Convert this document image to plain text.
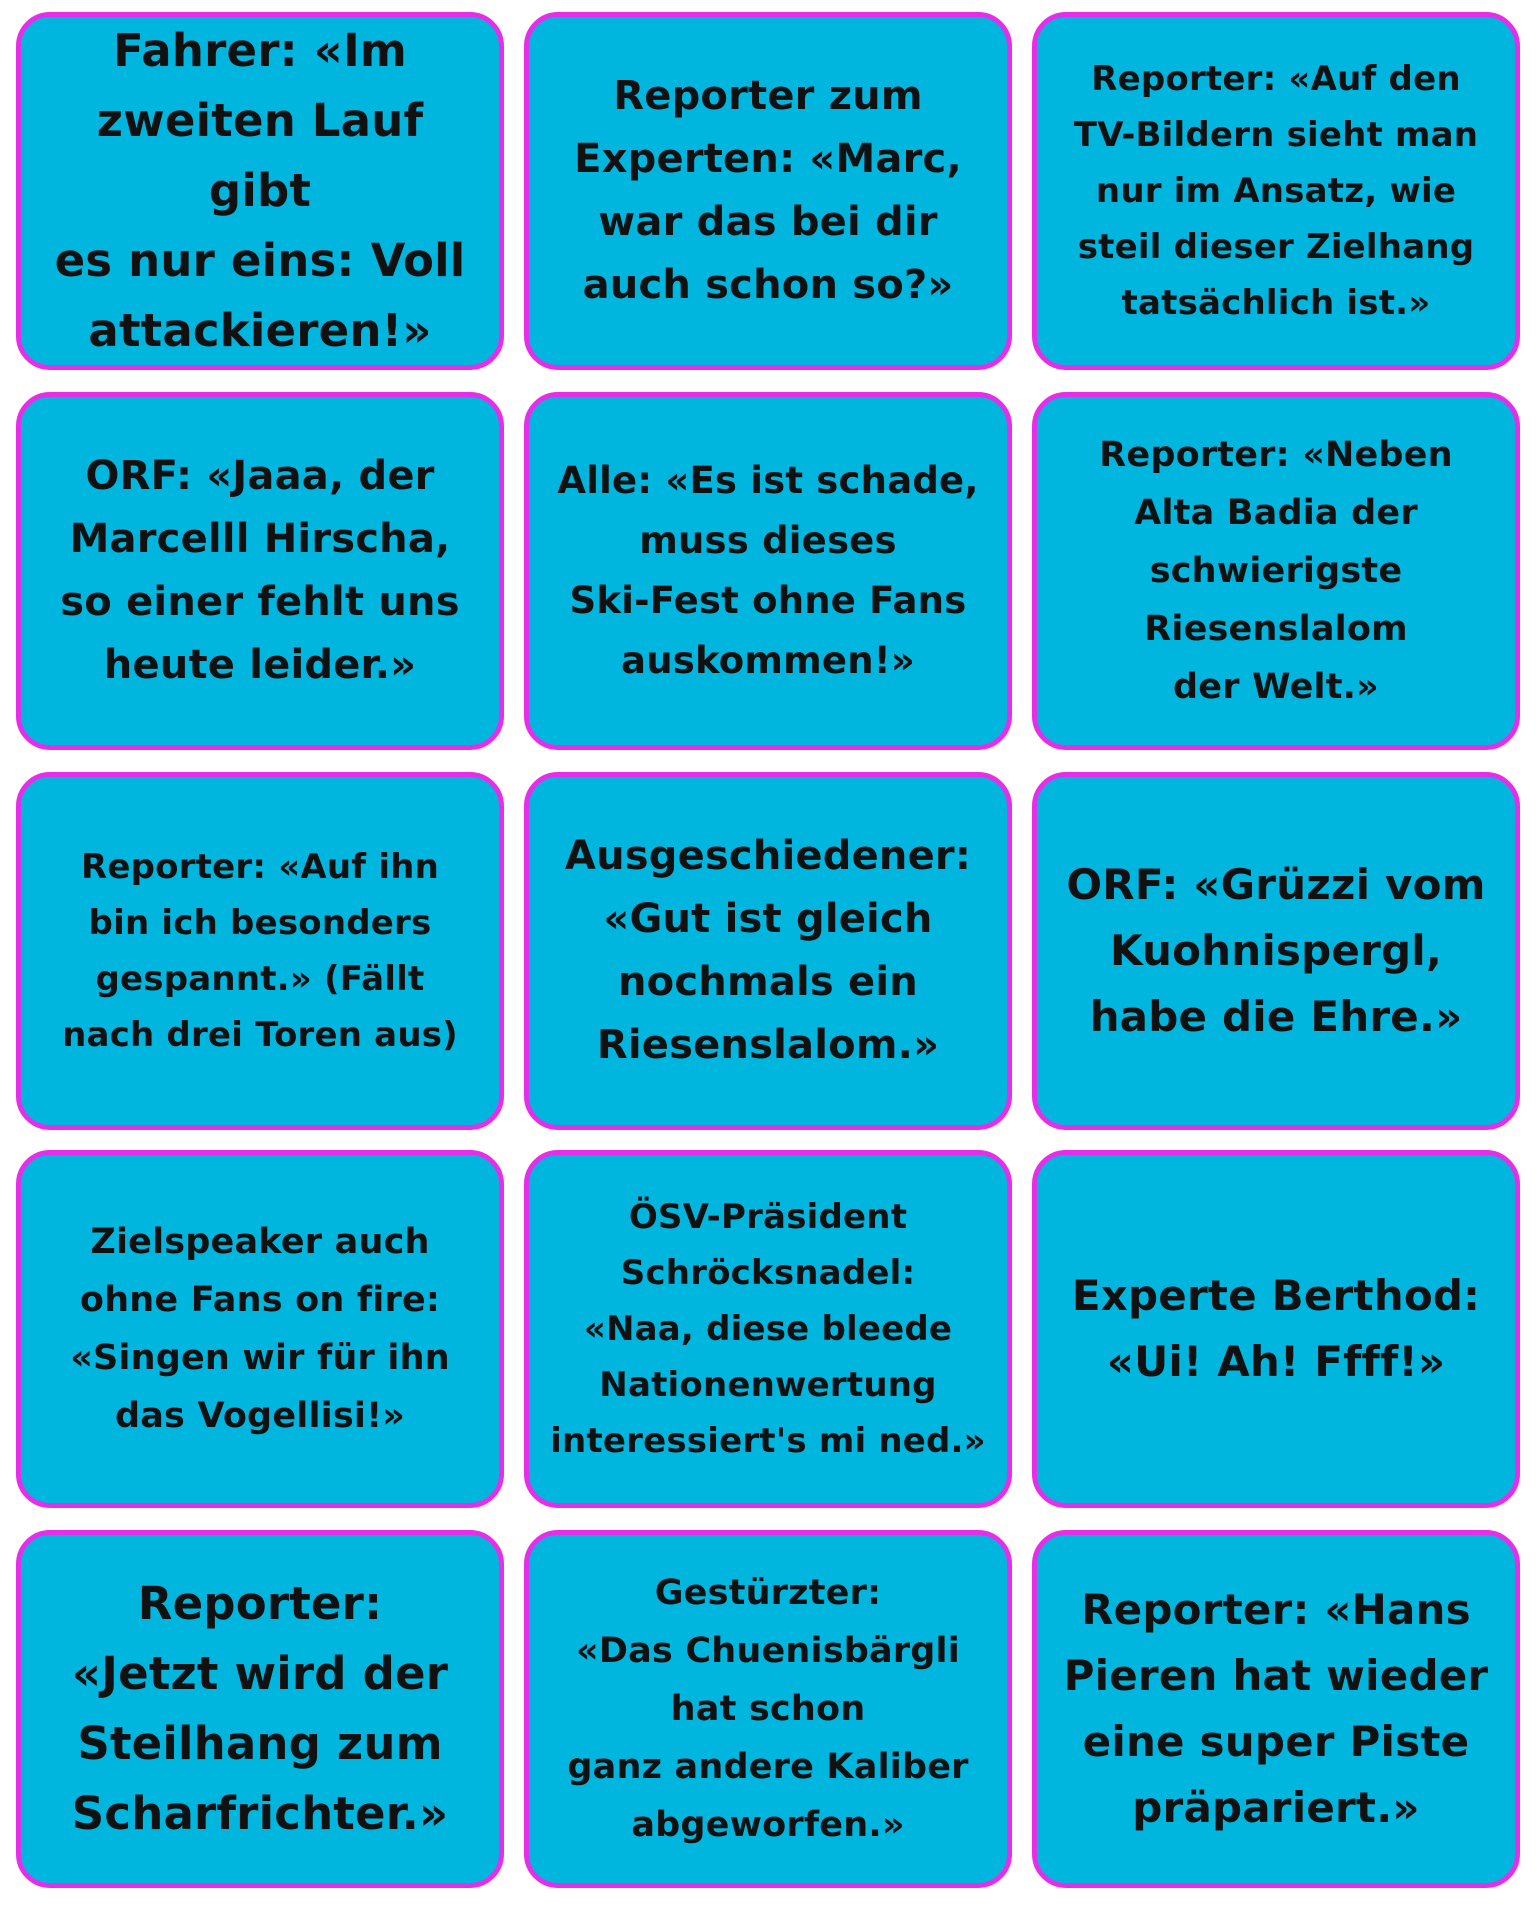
Fahrer: «Im
zweiten Lauf gibt
es nur eins: Voll
attackieren!»
Reporter zum
Experten: «Marc,
war das bei dir
auch schon so?»
Reporter: «Auf den
TV-Bildern sieht man
nur im Ansatz, wie
steil dieser Zielhang
tatsächlich ist.»
ORF: «Jaaa, der
Marcelll Hirscha,
so einer fehlt uns
heute leider.»
Alle: «Es ist schade,
muss dieses
Ski-Fest ohne Fans
auskommen!»
Reporter: «Neben
Alta Badia der
schwierigste
Riesenslalom
der Welt.»
Reporter: «Auf ihn
bin ich besonders
gespannt.» (Fällt
nach drei Toren aus)
Ausgeschiedener:
«Gut ist gleich
nochmals ein
Riesenslalom.»
ORF: «Grüzzi vom
Kuohnispergl,
habe die Ehre.»
Zielspeaker auch
ohne Fans on fire:
«Singen wir für ihn
das Vogellisi!»
ÖSV-Präsident
Schröcksnadel:
«Naa, diese bleede
Nationenwertung
interessiert's mi ned.»
Experte Berthod:
«Ui! Ah! Ffff!»
Reporter:
«Jetzt wird der
Steilhang zum
Scharfrichter.»
Gestürzter:
«Das Chuenisbärgli
hat schon
ganz andere Kaliber
abgeworfen.»
Reporter: «Hans
Pieren hat wieder
eine super Piste
präpariert.»
